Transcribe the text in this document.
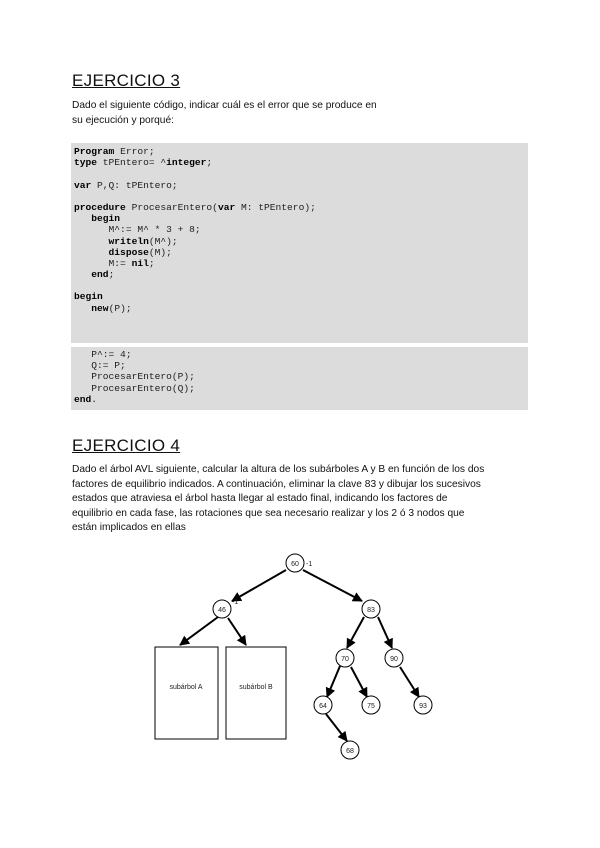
EJERCICIO 3

Dado el siguiente código, indicar cuál es el error que se produce en

su ejecución y porqué:

Program Error;
type tPEntero= ^integer;
var P,Q: tPEntero;
procedure ProcesarEntero(var M: tPEntero);
begin
M^:= M^ * 3 + 8;
writeln(M^);
dispose(M);
M:= nil;
end;
begin
new(P);
P^:= 4;
Q:= P;
ProcesarEntero(P);
ProcesarEntero(Q);
end.
EJERCICIO 4

Dado el árbol AVL siguiente, calcular la altura de los subárboles A y B en función de los dos

factores de equilibrio indicados. A continuación, eliminar la clave 83 y dibujar los sucesivos

estados que atraviesa el árbol hasta llegar al estado final, indicando los factores de

equilibrio en cada fase, las rotaciones que sea necesario realizar y los 2 ó 3 nodos que

están implicados en ellas

subárbol A	subárbol B
60
46	83
70	90
64	75	93
68
-1
-1
